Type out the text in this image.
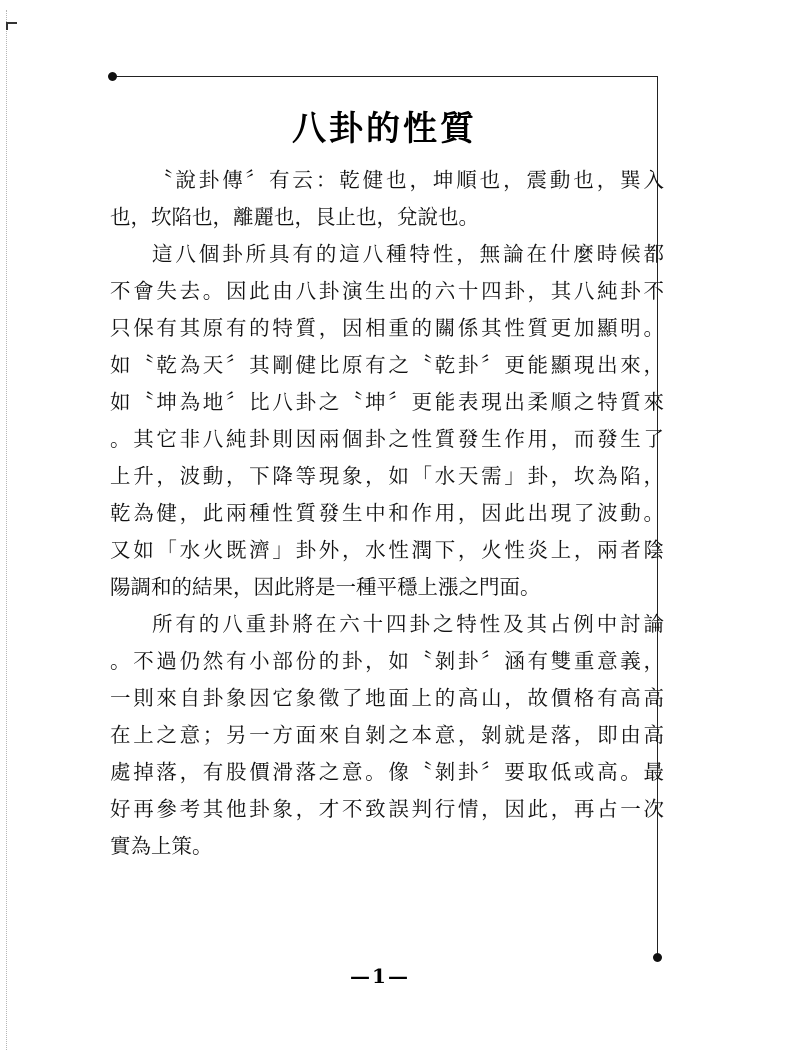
八卦的性質
〝說卦傳〞有云：乾健也，坤順也，震動也，巽入
也，坎陷也，離麗也，艮止也，兌說也。
這八個卦所具有的這八種特性，無論在什麼時候都
不會失去。因此由八卦演生出的六十四卦，其八純卦不
只保有其原有的特質，因相重的關係其性質更加顯明。
如〝乾為天〞其剛健比原有之〝乾卦〞更能顯現出來，
如〝坤為地〞比八卦之〝坤〞更能表現出柔順之特質來
。其它非八純卦則因兩個卦之性質發生作用，而發生了
上升，波動，下降等現象，如「水天需」卦，坎為陷，
乾為健，此兩種性質發生中和作用，因此出現了波動。
又如「水火既濟」卦外，水性潤下，火性炎上，兩者陰
陽調和的結果，因此將是一種平穩上漲之門面。
所有的八重卦將在六十四卦之特性及其占例中討論
。不過仍然有小部份的卦，如〝剝卦〞涵有雙重意義，
一則來自卦象因它象徵了地面上的高山，故價格有高高
在上之意；另一方面來自剝之本意，剝就是落，即由高
處掉落，有股價滑落之意。像〝剝卦〞要取低或高。最
好再參考其他卦象，才不致誤判行情，因此，再占一次
實為上策。
—1—
